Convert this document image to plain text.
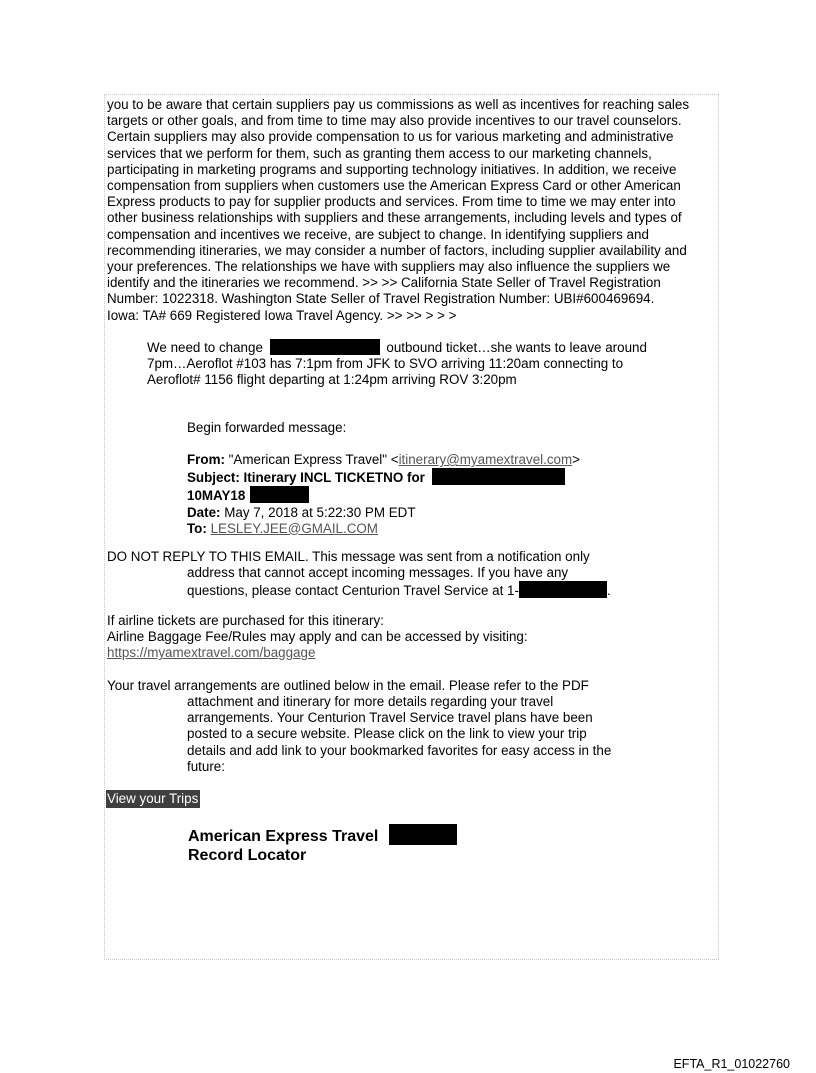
you to be aware that certain suppliers pay us commissions as well as incentives for reaching sales
targets or other goals, and from time to time may also provide incentives to our travel counselors.
Certain suppliers may also provide compensation to us for various marketing and administrative
services that we perform for them, such as granting them access to our marketing channels,
participating in marketing programs and supporting technology initiatives. In addition, we receive
compensation from suppliers when customers use the American Express Card or other American
Express products to pay for supplier products and services. From time to time we may enter into
other business relationships with suppliers and these arrangements, including levels and types of
compensation and incentives we receive, are subject to change. In identifying suppliers and
recommending itineraries, we may consider a number of factors, including supplier availability and
your preferences. The relationships we have with suppliers may also influence the suppliers we
identify and the itineraries we recommend. >> >> California State Seller of Travel Registration
Number: 1022318. Washington State Seller of Travel Registration Number: UBI#600469694.
Iowa: TA# 669 Registered Iowa Travel Agency. >> >> > > >
We need to change	outbound ticket…she wants to leave around
7pm…Aeroflot #103 has 7:1pm from JFK to SVO arriving 11:20am connecting to
Aeroflot# 1156 flight departing at 1:24pm arriving ROV 3:20pm
Begin forwarded message:
From: "American Express Travel" <itinerary@myamextravel.com>
Subject: Itinerary INCL TICKETNO for
10MAY18
Date: May 7, 2018 at 5:22:30 PM EDT
To: LESLEY.JEE@GMAIL.COM
DO NOT REPLY TO THIS EMAIL. This message was sent from a notification only
address that cannot accept incoming messages. If you have any
questions, please contact Centurion Travel Service at 1-	.
If airline tickets are purchased for this itinerary:
Airline Baggage Fee/Rules may apply and can be accessed by visiting:
https://myamextravel.com/baggage
Your travel arrangements are outlined below in the email. Please refer to the PDF
attachment and itinerary for more details regarding your travel
arrangements. Your Centurion Travel Service travel plans have been
posted to a secure website. Please click on the link to view your trip
details and add link to your bookmarked favorites for easy access in the
future:
View your Trips
American Express Travel
Record Locator
EFTA_R1_01022760
